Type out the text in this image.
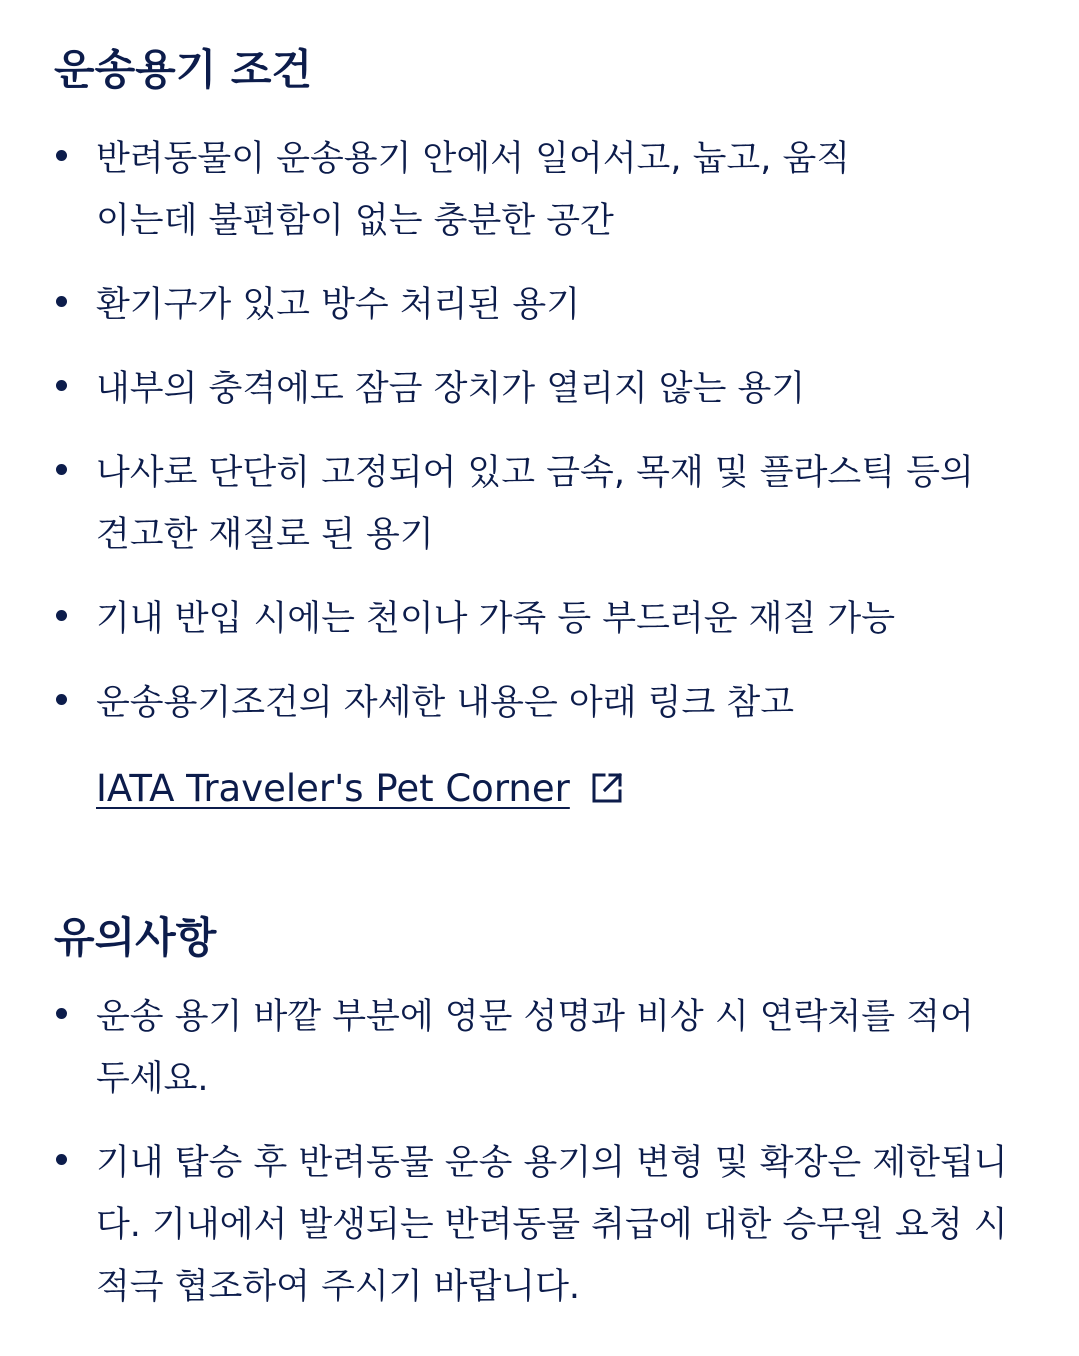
운송용기 조건
반려동물이 운송용기 안에서 일어서고, 눕고, 움직이는데 불편함이 없는 충분한 공간
환기구가 있고 방수 처리된 용기
내부의 충격에도 잠금 장치가 열리지 않는 용기
나사로 단단히 고정되어 있고 금속, 목재 및 플라스틱 등의 견고한 재질로 된 용기
기내 반입 시에는 천이나 가죽 등 부드러운 재질 가능
운송용기조건의 자세한 내용은 아래 링크 참고
IATA Traveler's Pet Corner
유의사항
운송 용기 바깥 부분에 영문 성명과 비상 시 연락처를 적어 두세요.
기내 탑승 후 반려동물 운송 용기의 변형 및 확장은 제한됩니다. 기내에서 발생되는 반려동물 취급에 대한 승무원 요청 시 적극 협조하여 주시기 바랍니다.
